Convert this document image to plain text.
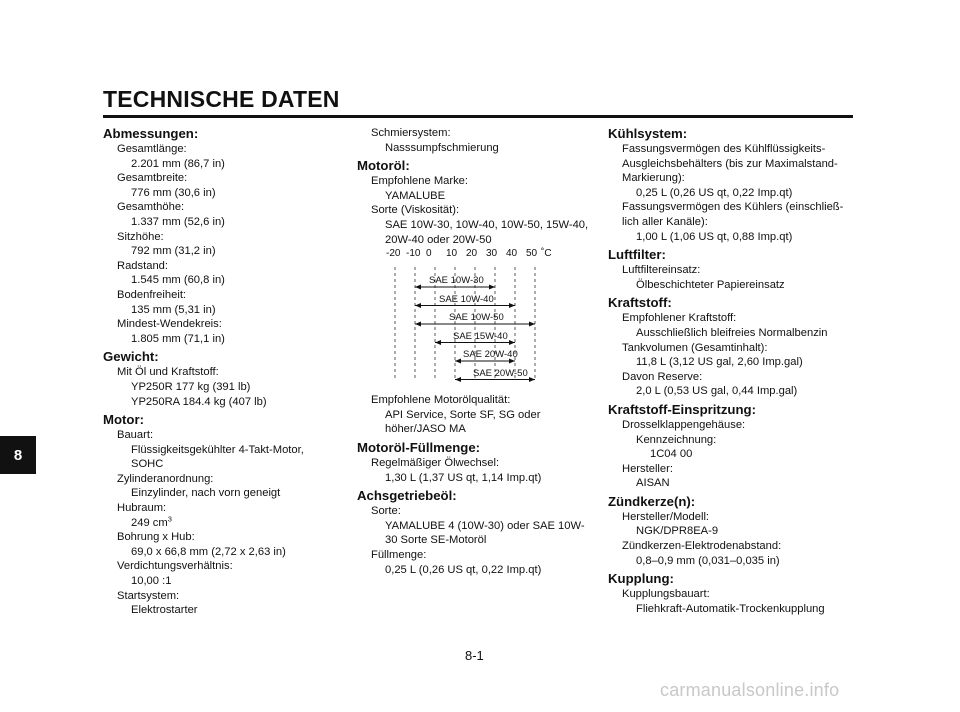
TECHNISCHE DATEN
8
Abmessungen:
Gesamtlänge:
2.201 mm (86,7 in)
Gesamtbreite:
776 mm (30,6 in)
Gesamthöhe:
1.337 mm (52,6 in)
Sitzhöhe:
792 mm (31,2 in)
Radstand:
1.545 mm (60,8 in)
Bodenfreiheit:
135 mm (5,31 in)
Mindest-Wendekreis:
1.805 mm (71,1 in)
Gewicht:
Mit Öl und Kraftstoff:
YP250R 177 kg (391 lb)
YP250RA 184.4 kg (407 lb)
Motor:
Bauart:
Flüssigkeitsgekühlter 4-Takt-Motor,
SOHC
Zylinderanordnung:
Einzylinder, nach vorn geneigt
Hubraum:
249 $cm^3$
Bohrung x Hub:
69,0 x 66,8 mm (2,72 x 2,63 in)
Verdichtungsverhältnis:
10,00 :1
Startsystem:
Elektrostarter
Schmiersystem:
Nasssumpfschmierung
Motoröl:
Empfohlene Marke:
YAMALUBE
Sorte (Viskosität):
SAE 10W-30, 10W-40, 10W-50, 15W-40,
20W-40 oder 20W-50
-20 -10 0 10 20 30 40 50 ˚C
SAE 10W-30
SAE 10W-40
SAE 10W-50
SAE 15W-40
SAE 20W-40
SAE 20W-50
Empfohlene Motorölqualität:
API Service, Sorte SF, SG oder
höher/JASO MA
Motoröl-Füllmenge:
Regelmäßiger Ölwechsel:
1,30 L (1,37 US qt, 1,14 Imp.qt)
Achsgetriebeöl:
Sorte:
YAMALUBE 4 (10W-30) oder SAE 10W-
30 Sorte SE-Motoröl
Füllmenge:
0,25 L (0,26 US qt, 0,22 Imp.qt)
Kühlsystem:
Fassungsvermögen des Kühlflüssigkeits-
Ausgleichsbehälters (bis zur Maximalstand-
Markierung):
0,25 L (0,26 US qt, 0,22 Imp.qt)
Fassungsvermögen des Kühlers (einschließ-
lich aller Kanäle):
1,00 L (1,06 US qt, 0,88 Imp.qt)
Luftfilter:
Luftfiltereinsatz:
Ölbeschichteter Papiereinsatz
Kraftstoff:
Empfohlener Kraftstoff:
Ausschließlich bleifreies Normalbenzin
Tankvolumen (Gesamtinhalt):
11,8 L (3,12 US gal, 2,60 Imp.gal)
Davon Reserve:
2,0 L (0,53 US gal, 0,44 Imp.gal)
Kraftstoff-Einspritzung:
Drosselklappengehäuse:
Kennzeichnung:
1C04 00
Hersteller:
AISAN
Zündkerze(n):
Hersteller/Modell:
NGK/DPR8EA-9
Zündkerzen-Elektrodenabstand:
0,8–0,9 mm (0,031–0,035 in)
Kupplung:
Kupplungsbauart:
Fliehkraft-Automatik-Trockenkupplung
8-1
carmanualsonline.info
